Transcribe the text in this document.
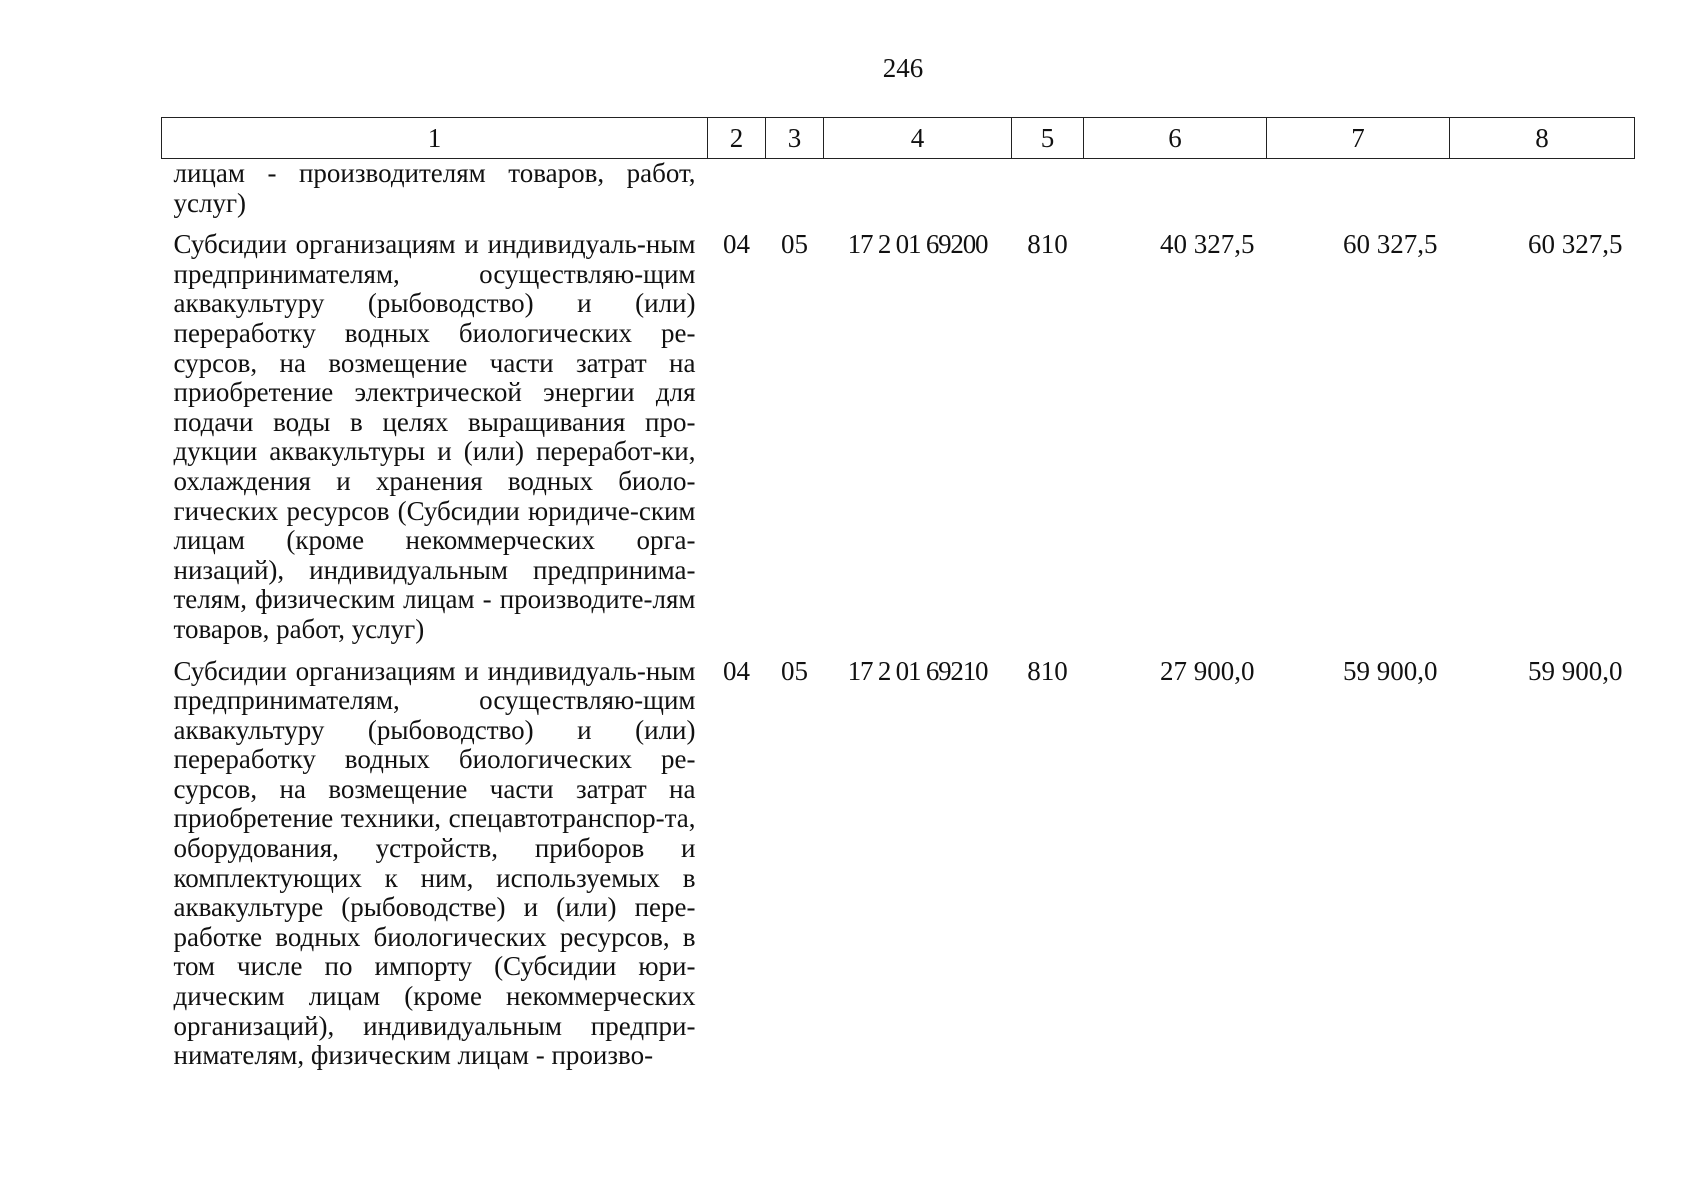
246
1	2	3	4	5	6	7	8
лицам - производителям товаров, работ, услуг)							
Субсидии организациям и индивидуаль-ным предпринимателям, осуществляю-щим аквакультуру (рыбоводство) и (или) переработку водных биологических ре-сурсов, на возмещение части затрат на приобретение электрической энергии для подачи воды в целях выращивания про-дукции аквакультуры и (или) переработ-ки, охлаждения и хранения водных биоло-гических ресурсов (Субсидии юридиче-ским лицам (кроме некоммерческих орга-низаций), индивидуальным предпринима-телям, физическим лицам - производите-лям товаров, работ, услуг)	04	05	17 2 01 69200	810	40 327,5	60 327,5	60 327,5
Субсидии организациям и индивидуаль-ным предпринимателям, осуществляю-щим аквакультуру (рыбоводство) и (или) переработку водных биологических ре-сурсов, на возмещение части затрат на приобретение техники, спецавтотранспор-та, оборудования, устройств, приборов и комплектующих к ним, используемых в аквакультуре (рыбоводстве) и (или) пере-работке водных биологических ресурсов, в том числе по импорту (Субсидии юри-дическим лицам (кроме некоммерческих организаций), индивидуальным предпри-нимателям, физическим лицам - произво-	04	05	17 2 01 69210	810	27 900,0	59 900,0	59 900,0
